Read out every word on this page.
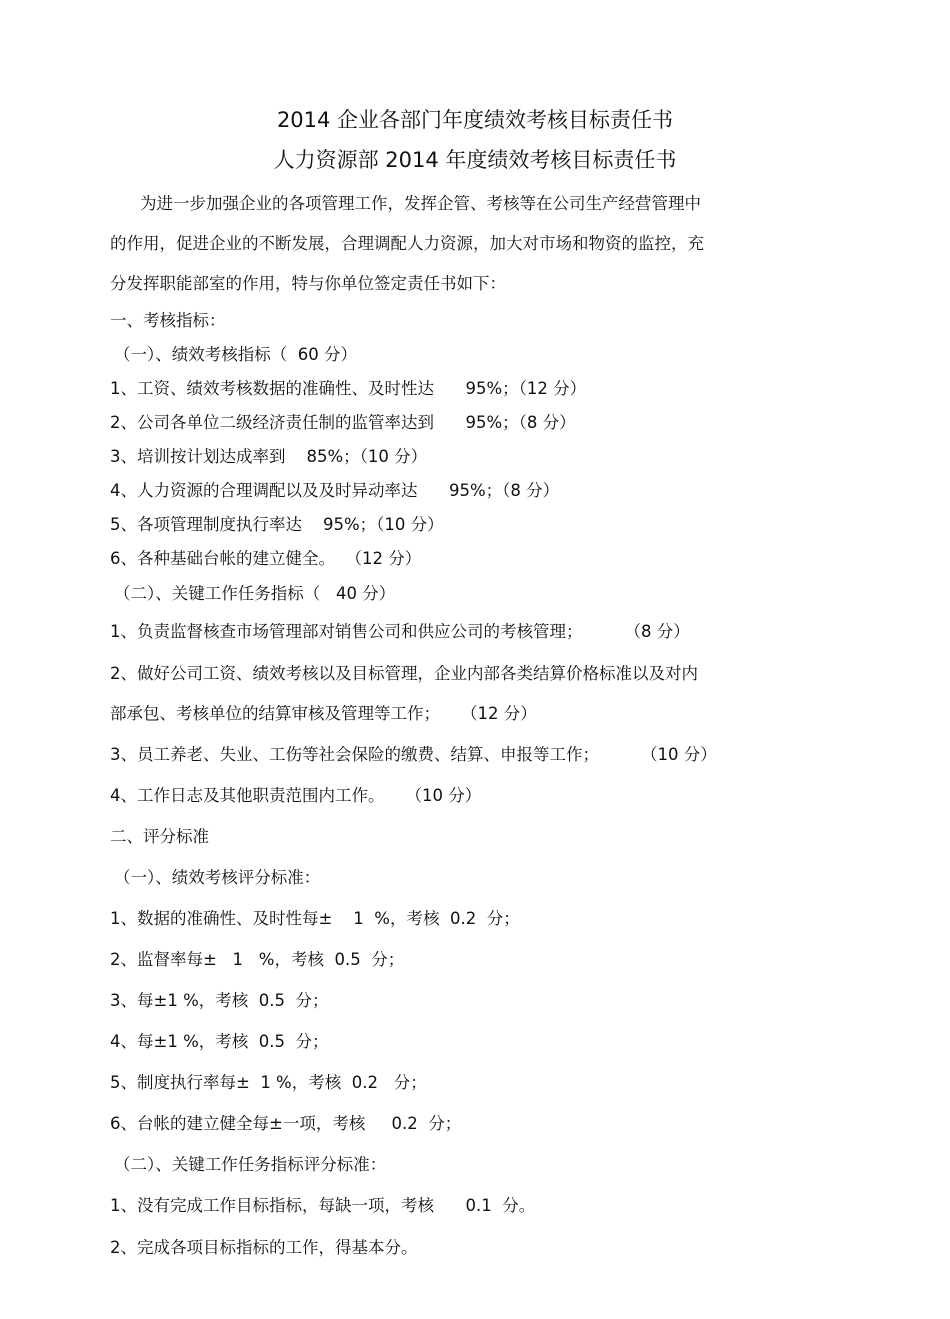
2014 企业各部门年度绩效考核目标责任书
人力资源部 2014 年度绩效考核目标责任书
为进一步加强企业的各项管理工作，发挥企管、考核等在公司生产经营管理中
的作用，促进企业的不断发展，合理调配人力资源，加大对市场和物资的监控，充
分发挥职能部室的作用，特与你单位签定责任书如下：
一、考核指标：
（一）、绩效考核指标（  60 分）
1、工资、绩效考核数据的准确性、及时性达      95%；（12 分）
2、公司各单位二级经济责任制的监管率达到      95%；（8 分）
3、培训按计划达成率到    85%；（10 分）
4、人力资源的合理调配以及及时异动率达      95%；（8 分）
5、各项管理制度执行率达    95%；（10 分）
6、各种基础台帐的建立健全。  （12 分）
（二）、关键工作任务指标（   40 分）
1、负责监督核查市场管理部对销售公司和供应公司的考核管理；        （8 分）
2、做好公司工资、绩效考核以及目标管理，企业内部各类结算价格标准以及对内
部承包、考核单位的结算审核及管理等工作；    （12 分）
3、员工养老、失业、工伤等社会保险的缴费、结算、申报等工作；        （10 分）
4、工作日志及其他职责范围内工作。    （10 分）
二、评分标准
（一）、绩效考核评分标准：
1、数据的准确性、及时性每±    1  %，考核  0.2  分；
2、监督率每±   1   %，考核  0.5  分；
3、每±1 %，考核  0.5  分；
4、每±1 %，考核  0.5  分；
5、制度执行率每±  1 %，考核  0.2   分；
6、台帐的建立健全每±一项，考核     0.2  分；
（二）、关键工作任务指标评分标准：
1、没有完成工作目标指标，每缺一项，考核      0.1  分。
2、完成各项目标指标的工作，得基本分。
